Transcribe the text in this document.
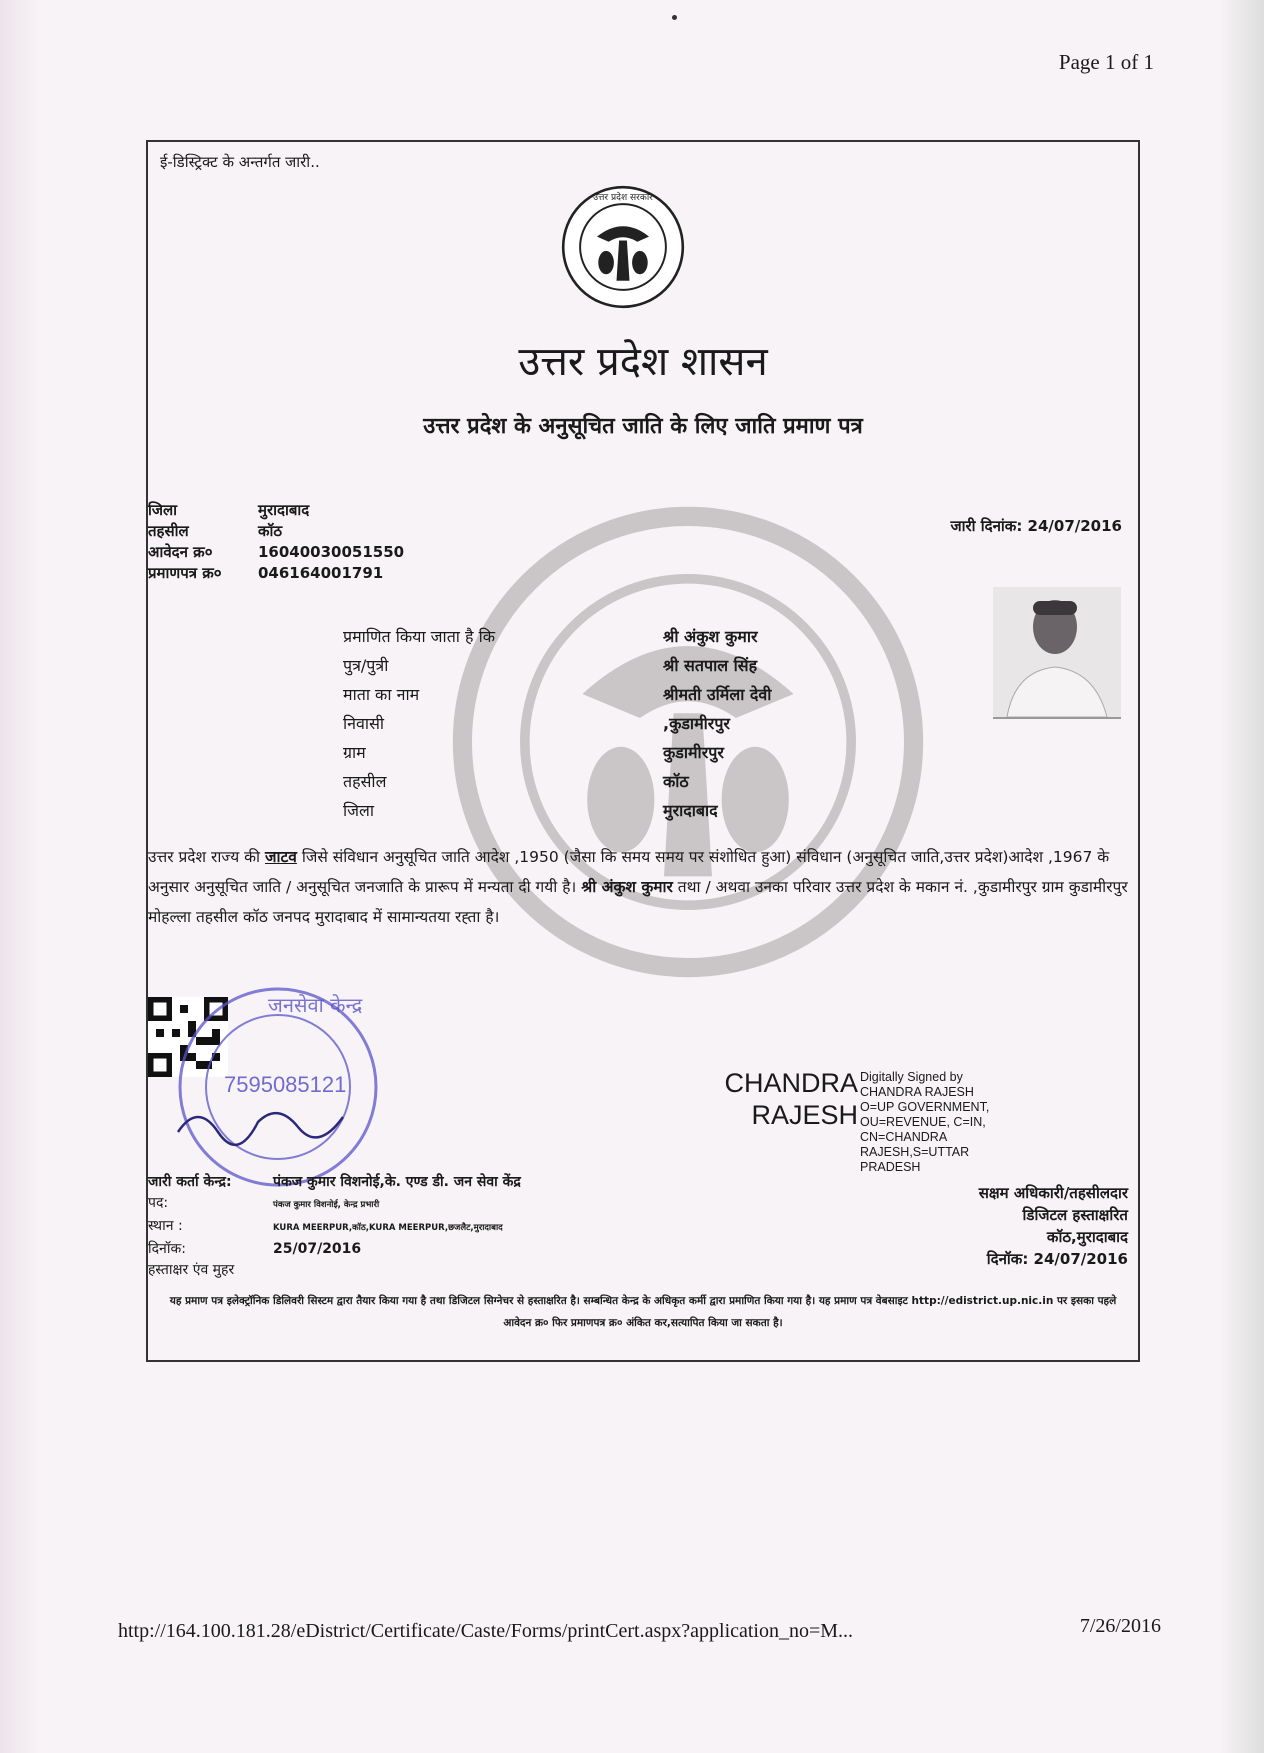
Page 1 of 1
ई-डिस्ट्रिक्ट के अन्तर्गत जारी..
उत्तर प्रदेश सरकार
उत्तर प्रदेश शासन
उत्तर प्रदेश के अनुसूचित जाति के लिए जाति प्रमाण पत्र
जिला	मुरादाबाद
तहसील	कॉठ
आवेदन क्र०	16040030051550
प्रमाणपत्र क्र० 046164001791
जारी दिनांक: 24/07/2016
प्रमाणित किया जाता है कि	श्री अंकुश कुमार
पुत्र/पुत्री	श्री सतपाल सिंह
माता का नाम	श्रीमती उर्मिला देवी
निवासी	,कुडामीरपुर
ग्राम	कुडामीरपुर
तहसील	कॉठ
जिला	मुरादाबाद
उत्तर प्रदेश राज्य की जाटव जिसे संविधान अनुसूचित जाति आदेश ,1950 (जैसा कि समय समय पर संशोधित हुआ) संविधान (अनुसूचित जाति,उत्तर प्रदेश)आदेश ,1967 के अनुसार अनुसूचित जाति / अनुसूचित जनजाति के प्रारूप में मन्यता दी गयी है। श्री अंकुश कुमार तथा / अथवा उनका परिवार उत्तर प्रदेश के मकान नं. ,कुडामीरपुर ग्राम कुडामीरपुर मोहल्ला तहसील कॉठ जनपद मुरादाबाद में सामान्यतया रह्ता है।
जनसेवा केन्द्र
7595085121	CHANDRA
RAJESH
Digitally Signed by CHANDRA RAJESH O=UP GOVERNMENT, OU=REVENUE, C=IN, CN=CHANDRA RAJESH,S=UTTAR PRADESH
सक्षम अधिकारी/तहसीलदार
डिजिटल हस्ताक्षरित
कॉठ,मुरादाबाद
दिनॉक: 24/07/2016
जारी कर्ता केन्द्र:	पंकज कुमार विशनोई,के. एण्ड डी. जन सेवा केंद्र
पद:	पंकज कुमार विशनोई, केन्द्र प्रभारी
स्थान :	KURA MEERPUR,कॉठ,KURA MEERPUR,छजलैट,मुरादाबाद
दिनॉक:	25/07/2016
हस्ताक्षर एंव मुहर
यह प्रमाण पत्र इलेक्ट्रॉनिक डिलिवरी सिस्टम द्वारा तैयार किया गया है तथा डिजिटल सिग्नेचर से हस्ताक्षरित है। सम्बन्धित केन्द्र के अधिकृत कर्मी द्वारा प्रमाणित किया गया है। यह प्रमाण पत्र वेबसाइट http://edistrict.up.nic.in पर इसका पहले आवेदन क्र० फिर प्रमाणपत्र क्र० अंकित कर,सत्यापित किया जा सकता है।
http://164.100.181.28/eDistrict/Certificate/Caste/Forms/printCert.aspx?application_no=M...	7/26/2016
